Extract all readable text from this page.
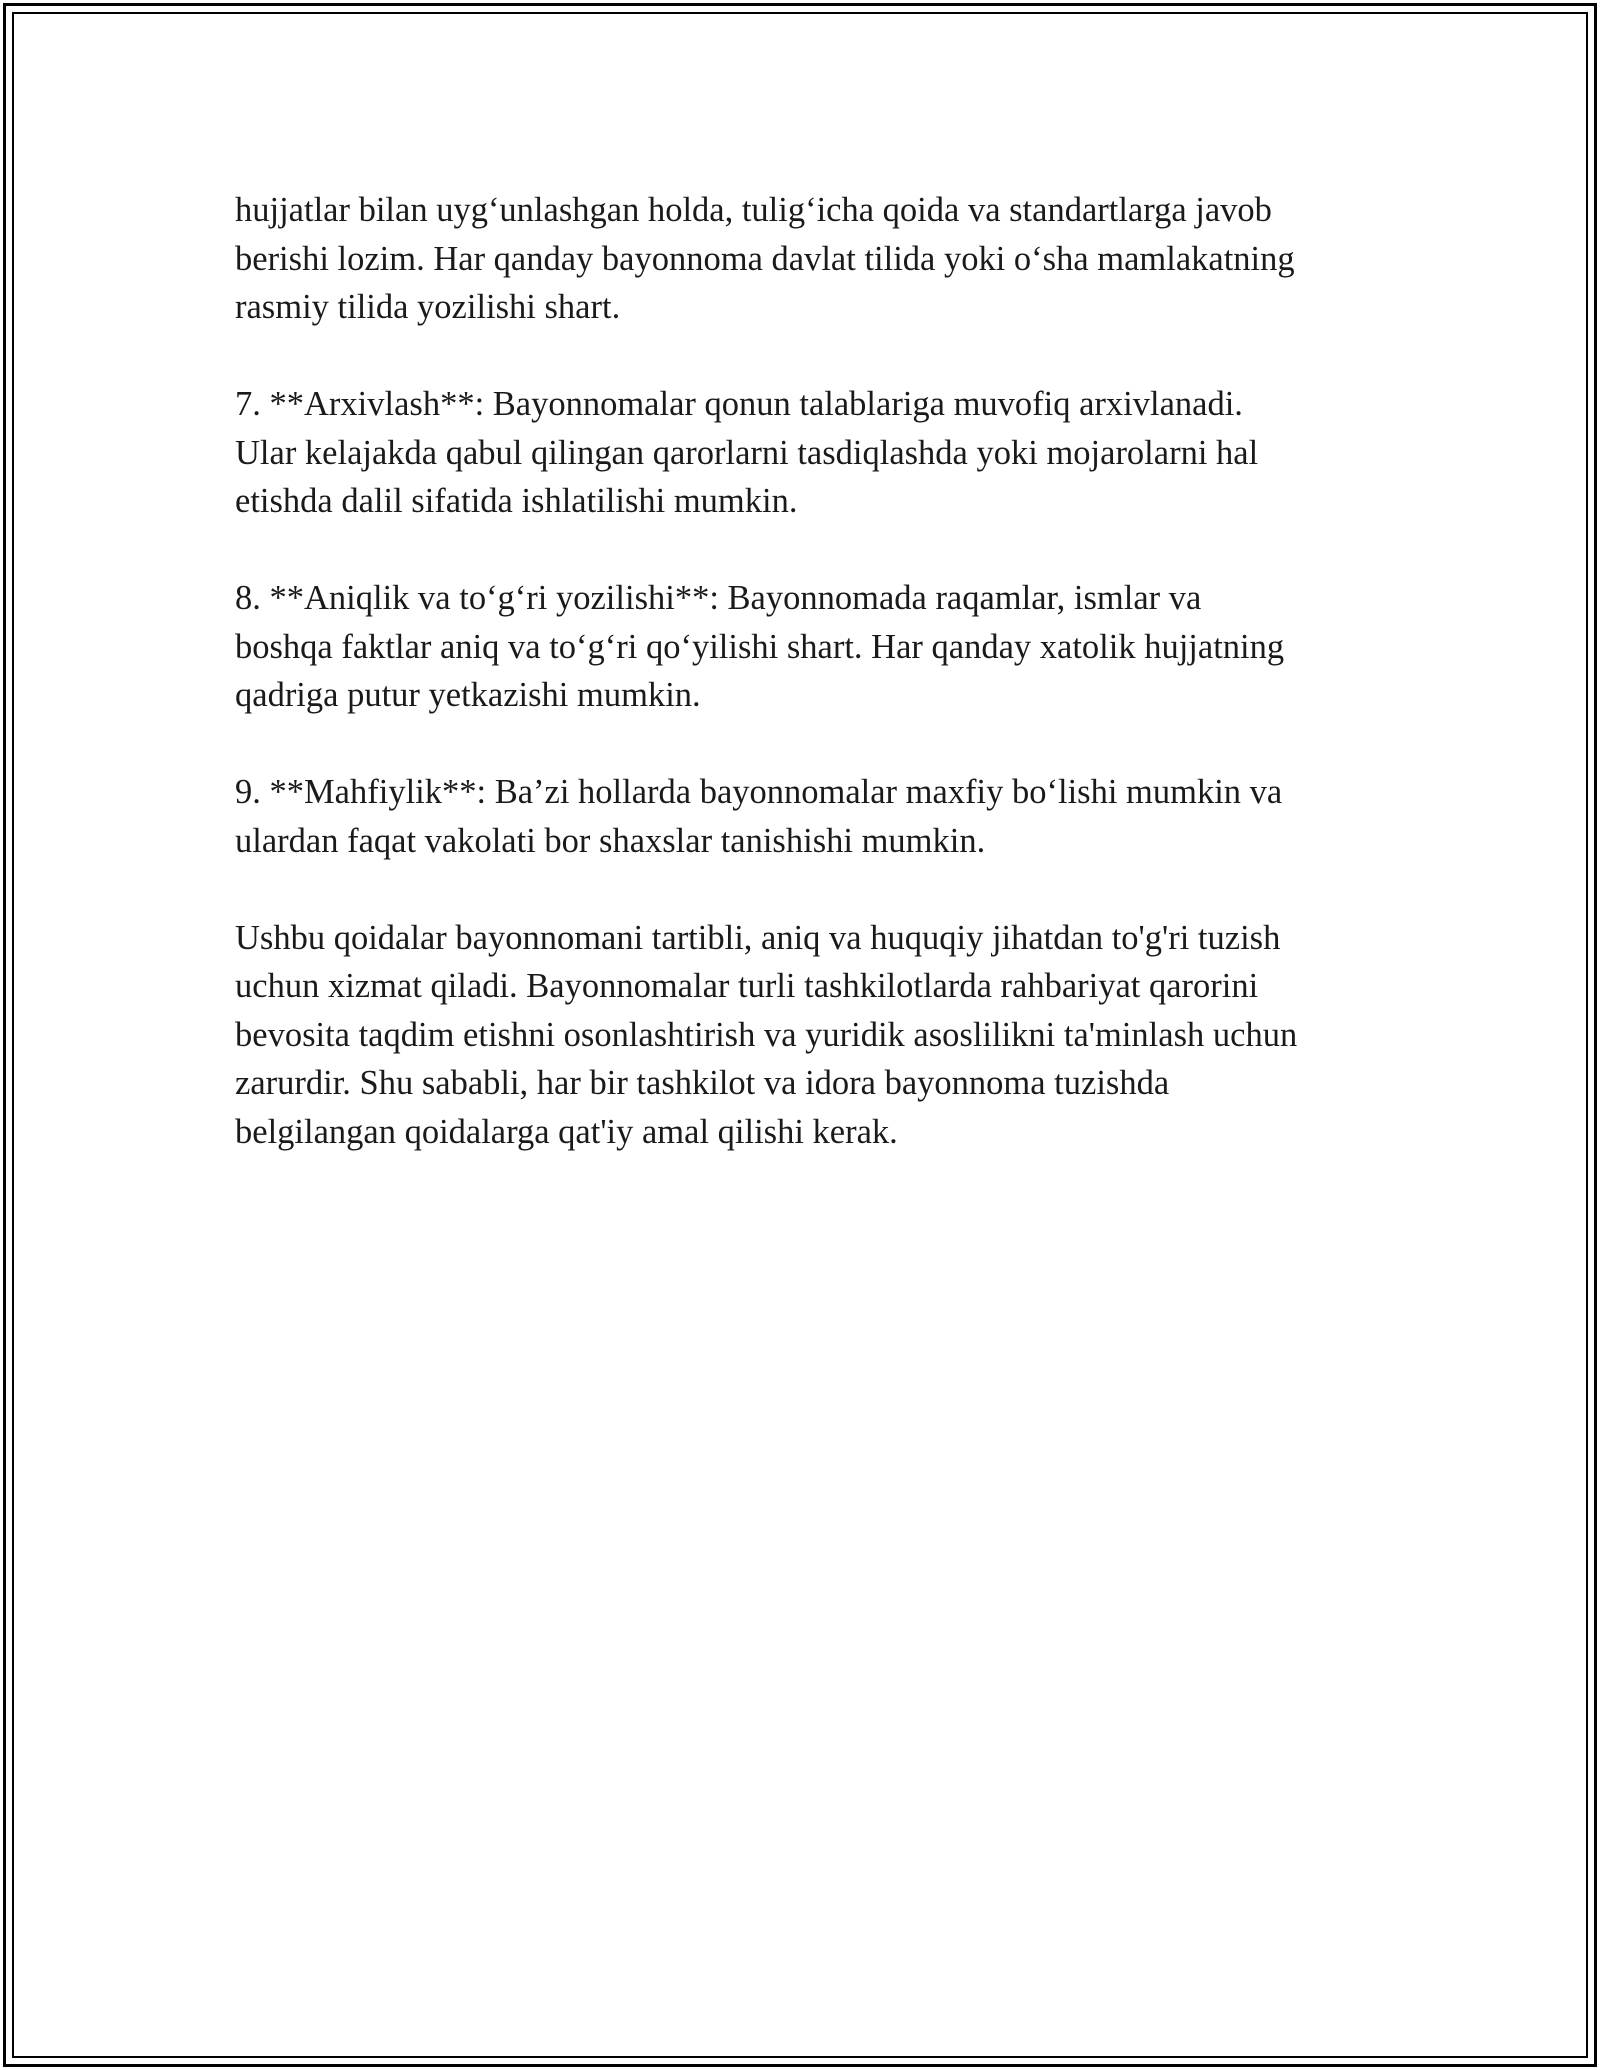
hujjatlar bilan uyg‘unlashgan holda, tulig‘icha qoida va standartlarga javob
berishi lozim. Har qanday bayonnoma davlat tilida yoki o‘sha mamlakatning
rasmiy tilida yozilishi shart.

7. **Arxivlash**: Bayonnomalar qonun talablariga muvofiq arxivlanadi.
Ular kelajakda qabul qilingan qarorlarni tasdiqlashda yoki mojarolarni hal
etishda dalil sifatida ishlatilishi mumkin.

8. **Aniqlik va to‘g‘ri yozilishi**: Bayonnomada raqamlar, ismlar va
boshqa faktlar aniq va to‘g‘ri qo‘yilishi shart. Har qanday xatolik hujjatning
qadriga putur yetkazishi mumkin.

9. **Mahfiylik**: Ba’zi hollarda bayonnomalar maxfiy bo‘lishi mumkin va
ulardan faqat vakolati bor shaxslar tanishishi mumkin.

Ushbu qoidalar bayonnomani tartibli, aniq va huquqiy jihatdan to'g'ri tuzish
uchun xizmat qiladi. Bayonnomalar turli tashkilotlarda rahbariyat qarorini
bevosita taqdim etishni osonlashtirish va yuridik asoslilikni ta'minlash uchun
zarurdir. Shu sababli, har bir tashkilot va idora bayonnoma tuzishda
belgilangan qoidalarga qat'iy amal qilishi kerak.
